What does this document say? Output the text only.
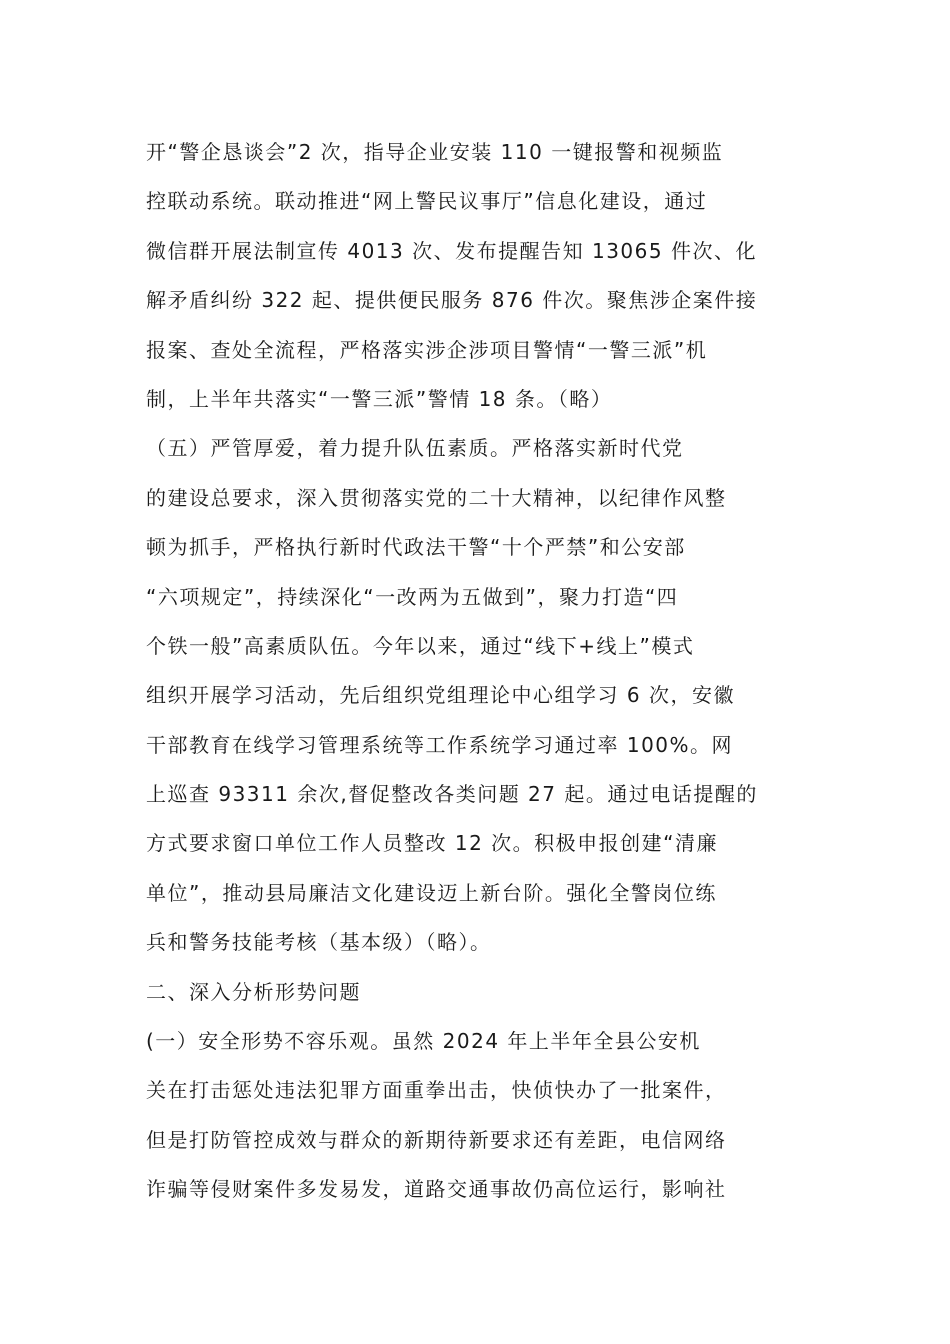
开“警企恳谈会”2 次，指导企业安装 110 一键报警和视频监
控联动系统。联动推进“网上警民议事厅”信息化建设，通过
微信群开展法制宣传 4013 次、发布提醒告知 13065 件次、化
解矛盾纠纷 322 起、提供便民服务 876 件次。聚焦涉企案件接
报案、查处全流程，严格落实涉企涉项目警情“一警三派”机
制，上半年共落实“一警三派”警情 18 条。（略）
（五）严管厚爱，着力提升队伍素质。严格落实新时代党
的建设总要求，深入贯彻落实党的二十大精神，以纪律作风整
顿为抓手，严格执行新时代政法干警“十个严禁”和公安部
“六项规定”，持续深化“一改两为五做到”，聚力打造“四
个铁一般”高素质队伍。今年以来，通过“线下+线上”模式
组织开展学习活动，先后组织党组理论中心组学习 6 次，安徽
干部教育在线学习管理系统等工作系统学习通过率 100%。网
上巡查 93311 余次,督促整改各类问题 27 起。通过电话提醒的
方式要求窗口单位工作人员整改 12 次。积极申报创建“清廉
单位”，推动县局廉洁文化建设迈上新台阶。强化全警岗位练
兵和警务技能考核（基本级）（略）。
二、深入分析形势问题
(一）安全形势不容乐观。虽然 2024 年上半年全县公安机
关在打击惩处违法犯罪方面重拳出击，快侦快办了一批案件，
但是打防管控成效与群众的新期待新要求还有差距，电信网络
诈骗等侵财案件多发易发，道路交通事故仍高位运行，影响社
